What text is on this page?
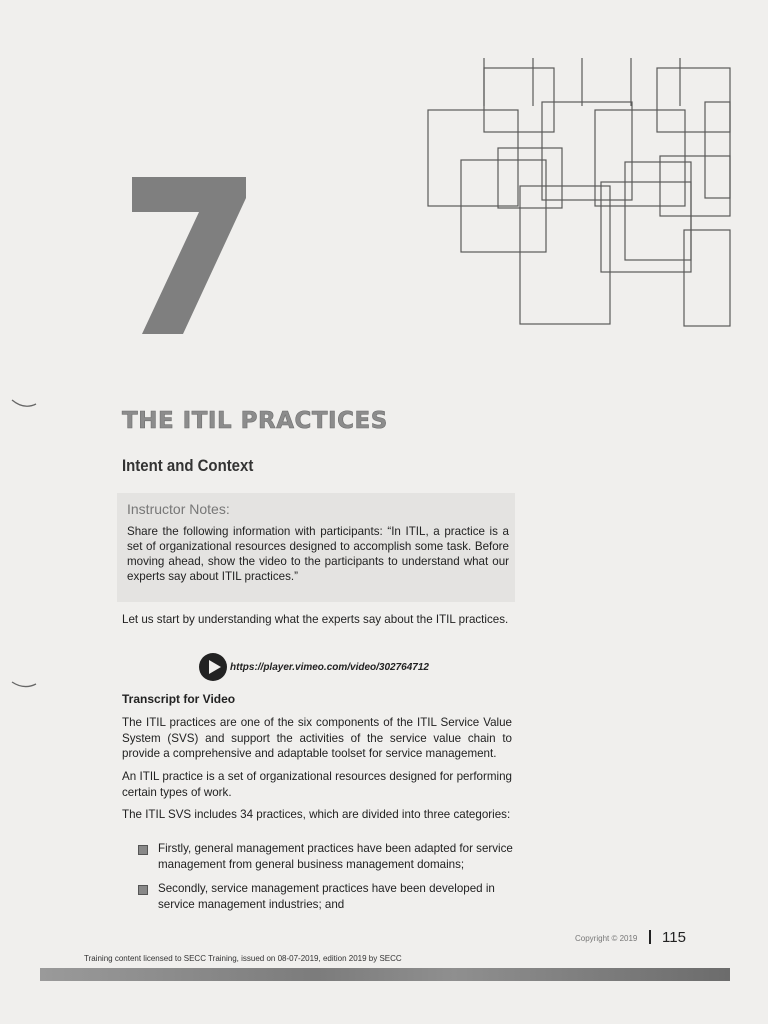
7
THE ITIL PRACTICES
Intent and Context
Instructor Notes:
Share the following information with participants: “In ITIL, a practice is a set of organizational resources designed to accomplish some task. Before moving ahead, show the video to the participants to understand what our experts say about ITIL practices.”

Let us start by understanding what the experts say about the ITIL practices.

https://player.vimeo.com/video/302764712
Transcript for Video

The ITIL practices are one of the six components of the ITIL Service Value System (SVS) and support the activities of the service value chain to provide a comprehensive and adaptable toolset for service management.

An ITIL practice is a set of organizational resources designed for performing certain types of work.

The ITIL SVS includes 34 practices, which are divided into three categories:

Firstly, general management practices have been adapted for service management from general business management domains;
Secondly, service management practices have been developed in service management industries; and
Copyright © 2019 115
Training content licensed to SECC Training, issued on 08-07-2019, edition 2019 by SECC
